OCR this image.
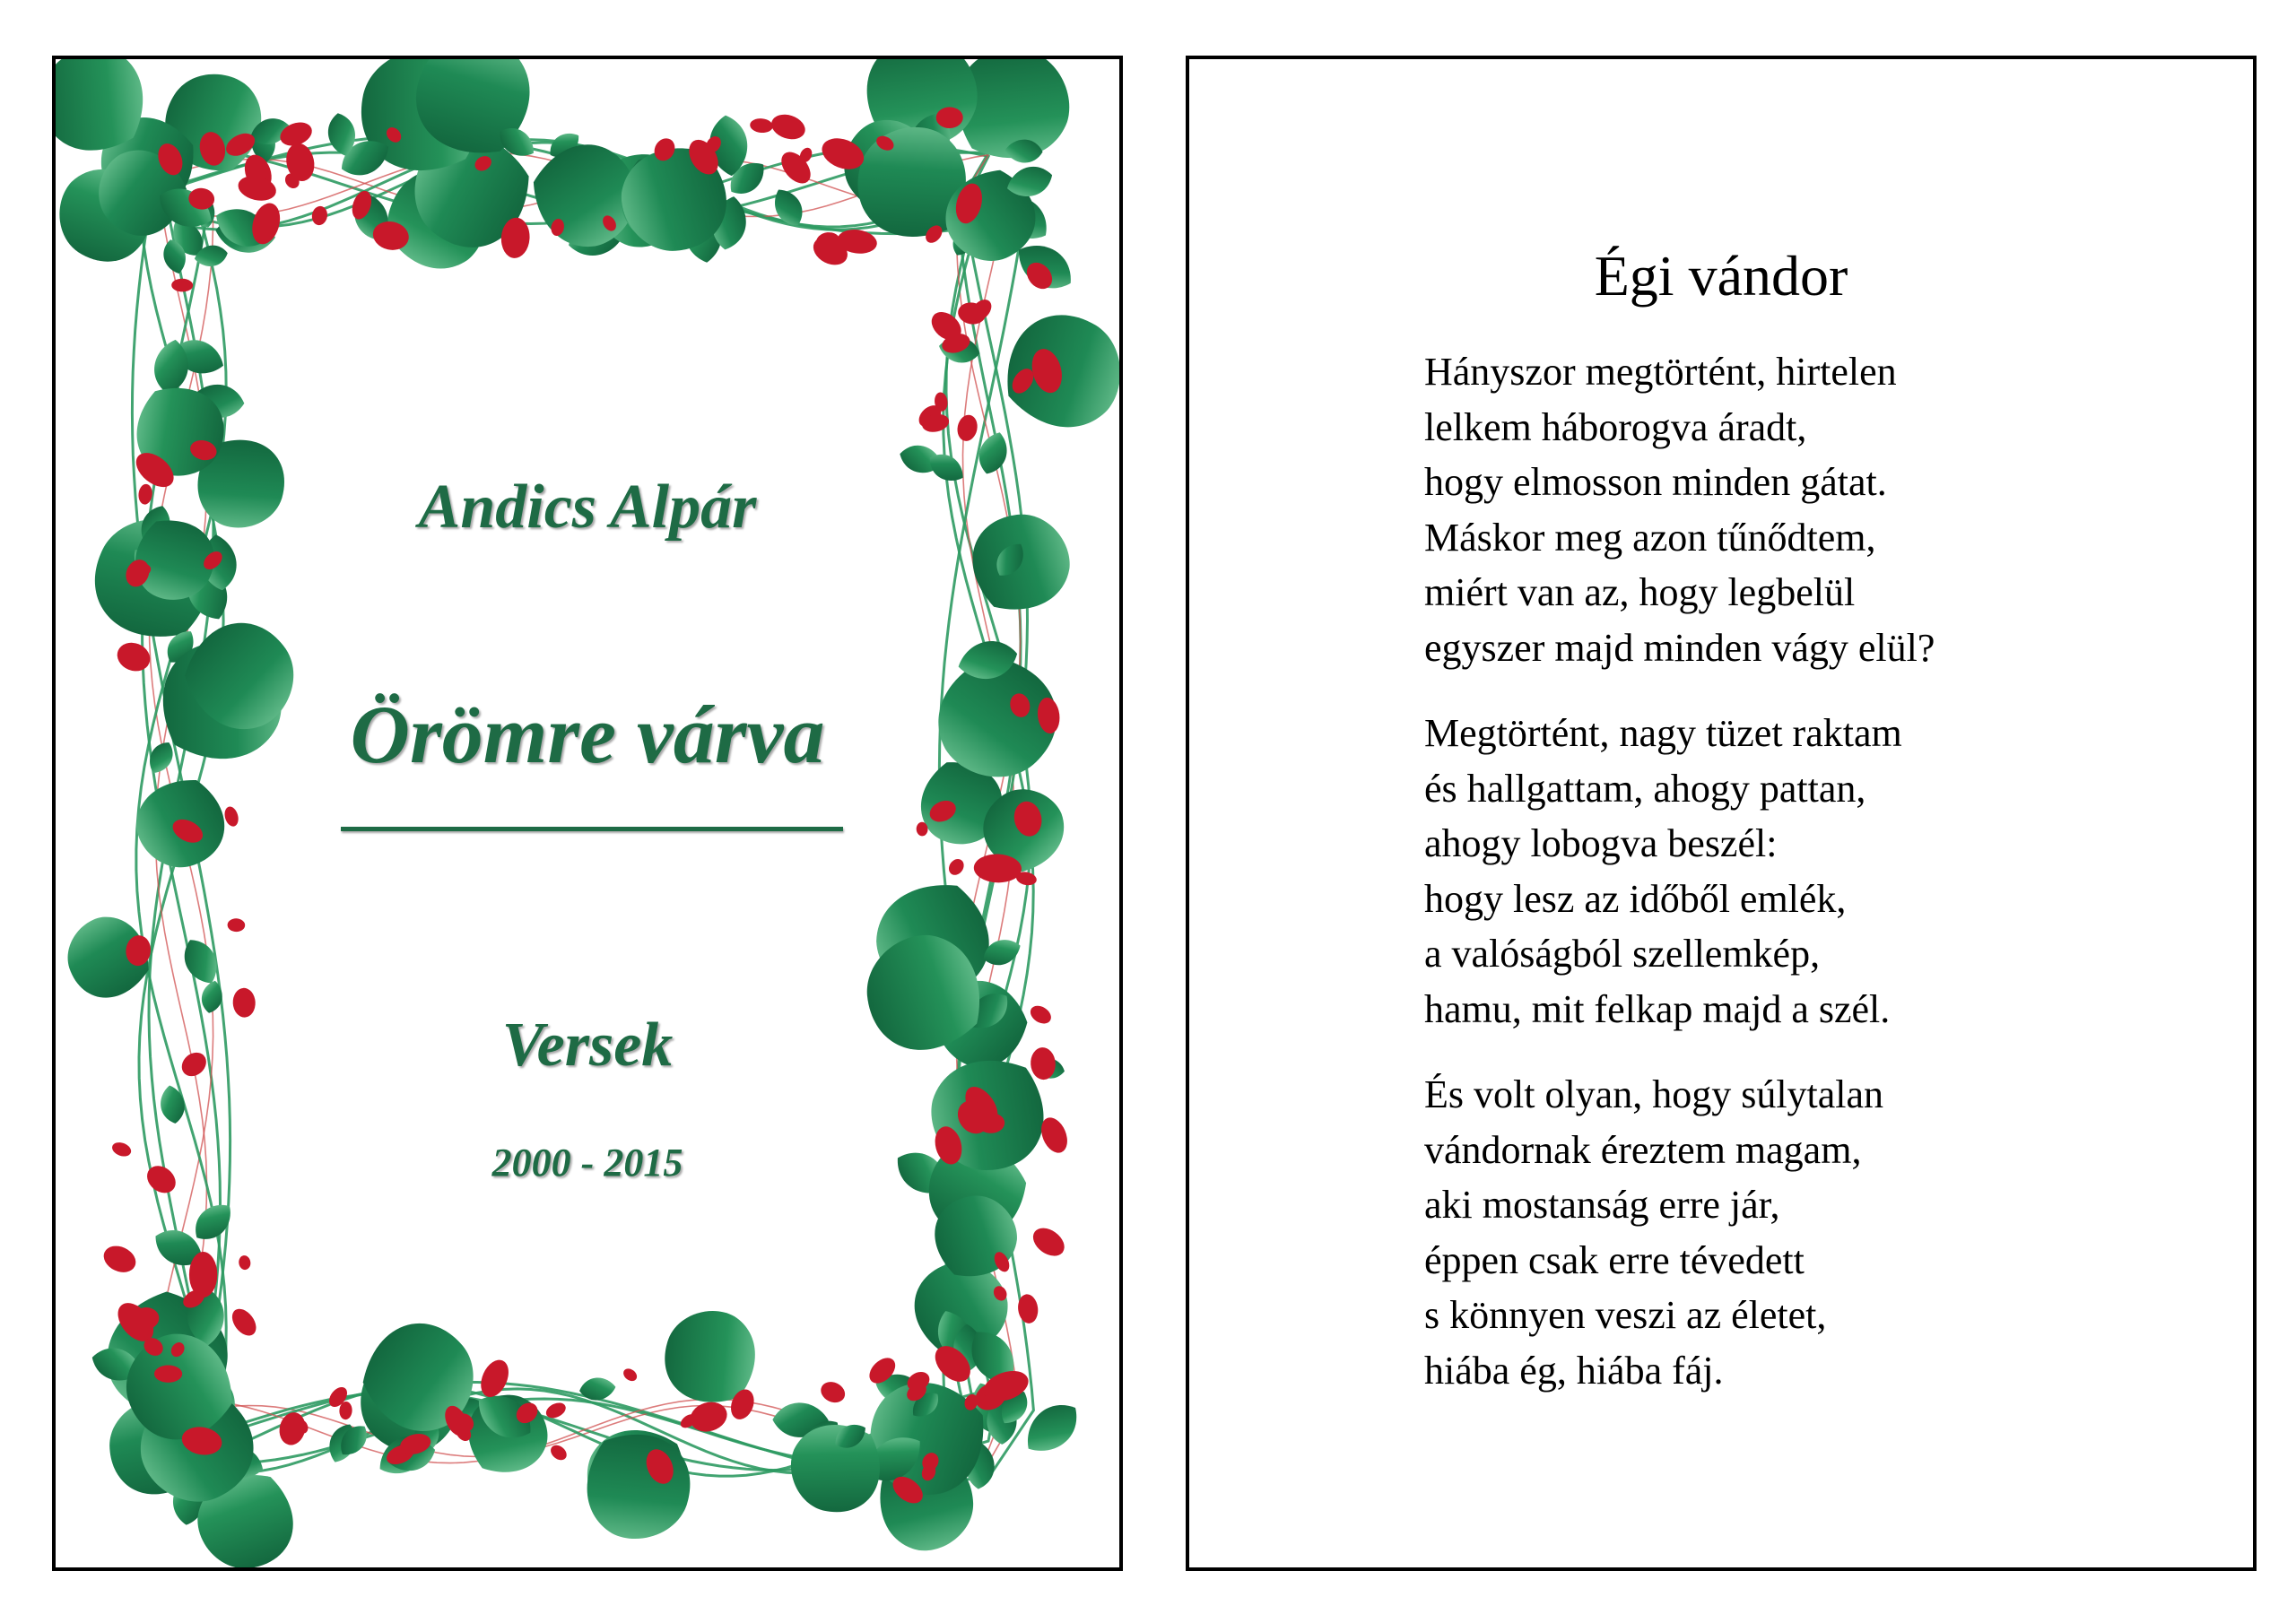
Andics Alpár
Örömre várva
Versek
2000 - 2015
Égi vándor
Hányszor megtörtént, hirtelen
lelkem háborogva áradt,
hogy elmosson minden gátat.
Máskor meg azon tűnődtem,
miért van az, hogy legbelül
egyszer majd minden vágy elül?
Megtörtént, nagy tüzet raktam
és hallgattam, ahogy pattan,
ahogy lobogva beszél:
hogy lesz az időből emlék,
a valóságból szellemkép,
hamu, mit felkap majd a szél.
És volt olyan, hogy súlytalan
vándornak éreztem magam,
aki mostanság erre jár,
éppen csak erre tévedett
s könnyen veszi az életet,
hiába ég, hiába fáj.
